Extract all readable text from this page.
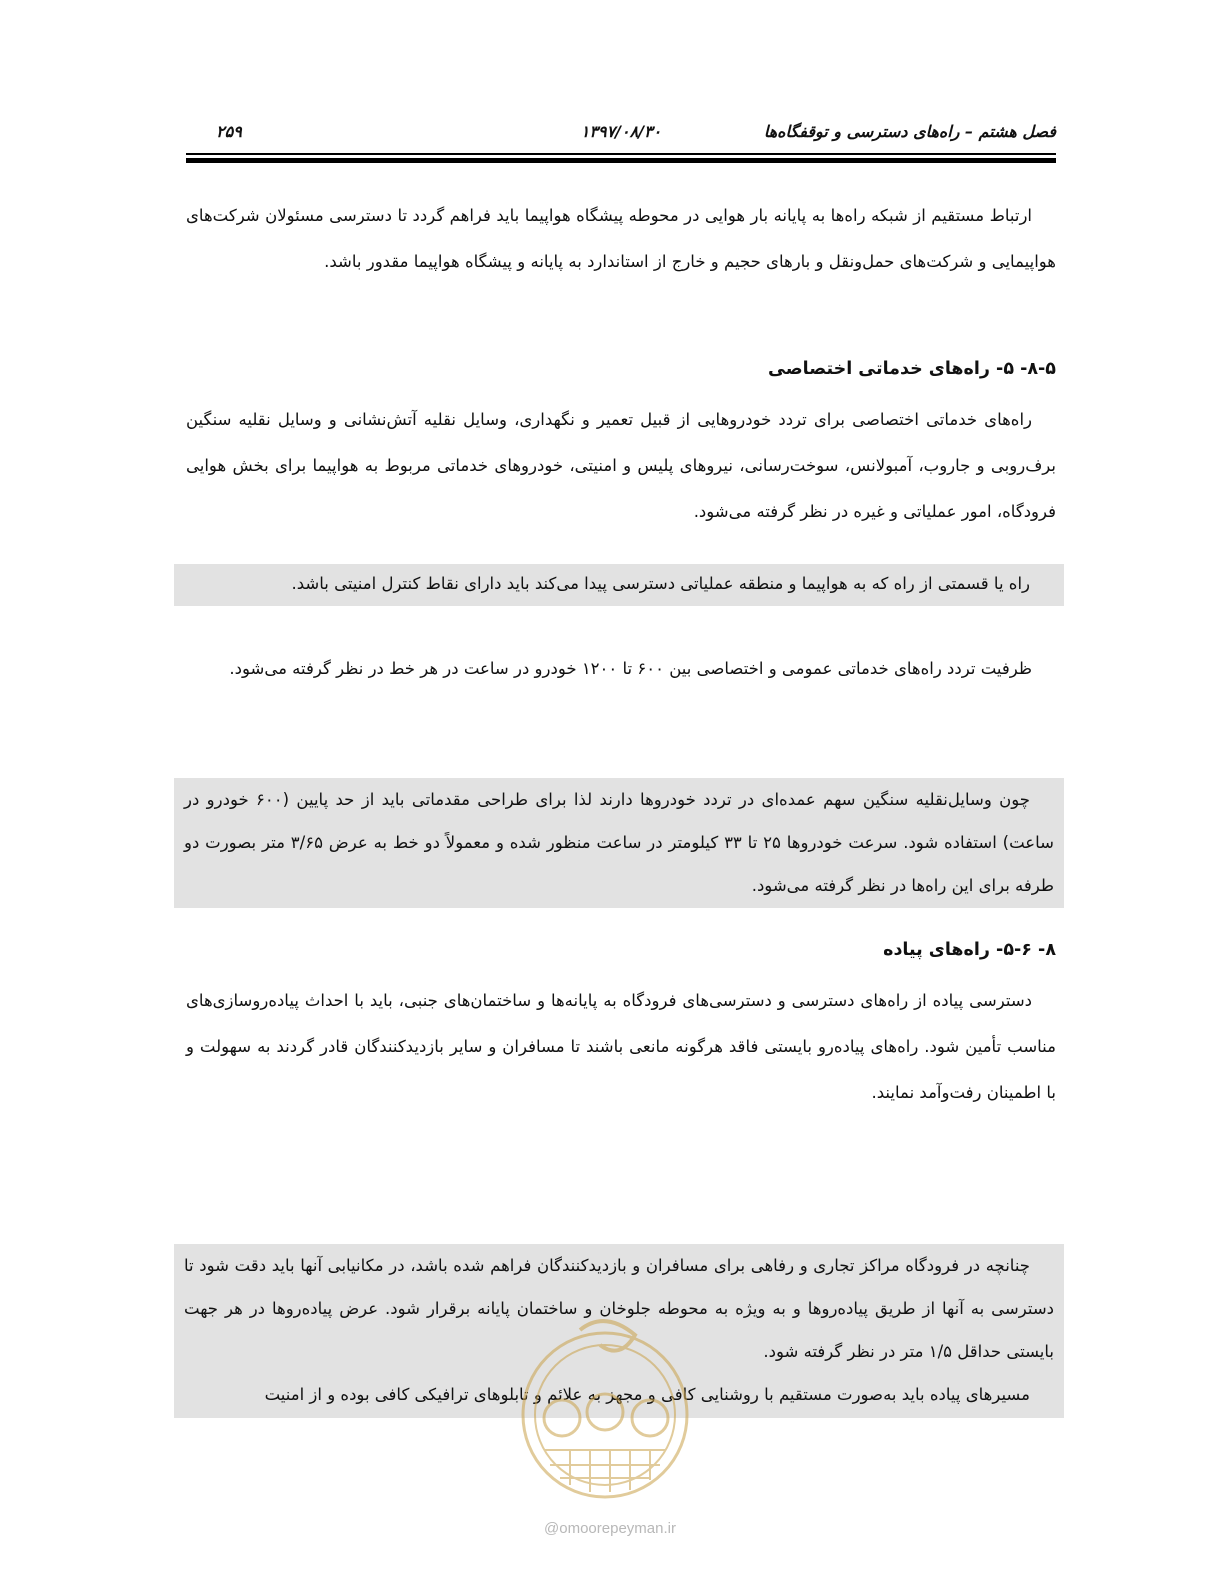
فصل هشتم – راه‌های دسترسی و توقفگاه‌ها
۱۳۹۷/۰۸/۳۰
۲۵۹
ارتباط مستقیم از شبکه راه‌ها به پایانه بار هوایی در محوطه پیشگاه هواپیما باید فراهم گردد تا دسترسی مسئولان شرکت‌های هواپیمایی و شرکت‌های حمل‌ونقل و بارهای حجیم و خارج از استاندارد به پایانه و پیشگاه هواپیما مقدور باشد.
۸-۵- ۵- راه‌های خدماتی اختصاصی
راه‌های خدماتی اختصاصی برای تردد خودروهایی از قبیل تعمیر و نگهداری، وسایل نقلیه آتش‌نشانی و وسایل نقلیه سنگین برف‌روبی و جاروب، آمبولانس، سوخت‌رسانی، نیروهای پلیس و امنیتی، خودروهای خدماتی مربوط به هواپیما برای بخش هوایی فرودگاه، امور عملیاتی و غیره در نظر گرفته می‌شود.
راه یا قسمتی از راه که به هواپیما و منطقه عملیاتی دسترسی پیدا می‌کند باید دارای نقاط کنترل امنیتی باشد.
ظرفیت تردد راه‌های خدماتی عمومی و اختصاصی بین ۶۰۰ تا ۱۲۰۰ خودرو در ساعت در هر خط در نظر گرفته می‌شود.
چون وسایل‌نقلیه سنگین سهم عمده‌ای در تردد خودروها دارند لذا برای طراحی مقدماتی باید از حد پایین (۶۰۰ خودرو در ساعت) استفاده شود. سرعت خودروها ۲۵ تا ۳۳ کیلومتر در ساعت منظور شده و معمولاً دو خط به عرض ۳/۶۵ متر بصورت دو طرفه برای این راه‌ها در نظر گرفته می‌شود.
۸- ۵-۶- راه‌های پیاده
دسترسی پیاده از راه‌های دسترسی و دسترسی‌های فرودگاه به پایانه‌ها و ساختمان‌های جنبی، باید با احداث پیاده‌روسازی‌های مناسب تأمین شود. راه‌های پیاده‌رو بایستی فاقد هرگونه مانعی باشند تا مسافران و سایر بازدیدکنندگان قادر گردند به سهولت و با اطمینان رفت‌وآمد نمایند.
چنانچه در فرودگاه مراکز تجاری و رفاهی برای مسافران و بازدیدکنندگان فراهم شده باشد، در مکانیابی آنها باید دقت شود تا دسترسی به آنها از طریق پیاده‌روها و به ویژه به محوطه جلوخان و ساختمان پایانه برقرار شود. عرض پیاده‌روها در هر جهت بایستی حداقل ۱/۵ متر در نظر گرفته شود.
مسیرهای پیاده باید به‌صورت مستقیم با روشنایی کافی و مجهز به علائم و تابلوهای ترافیکی کافی بوده و از امنیت
@omoorepeyman.ir
